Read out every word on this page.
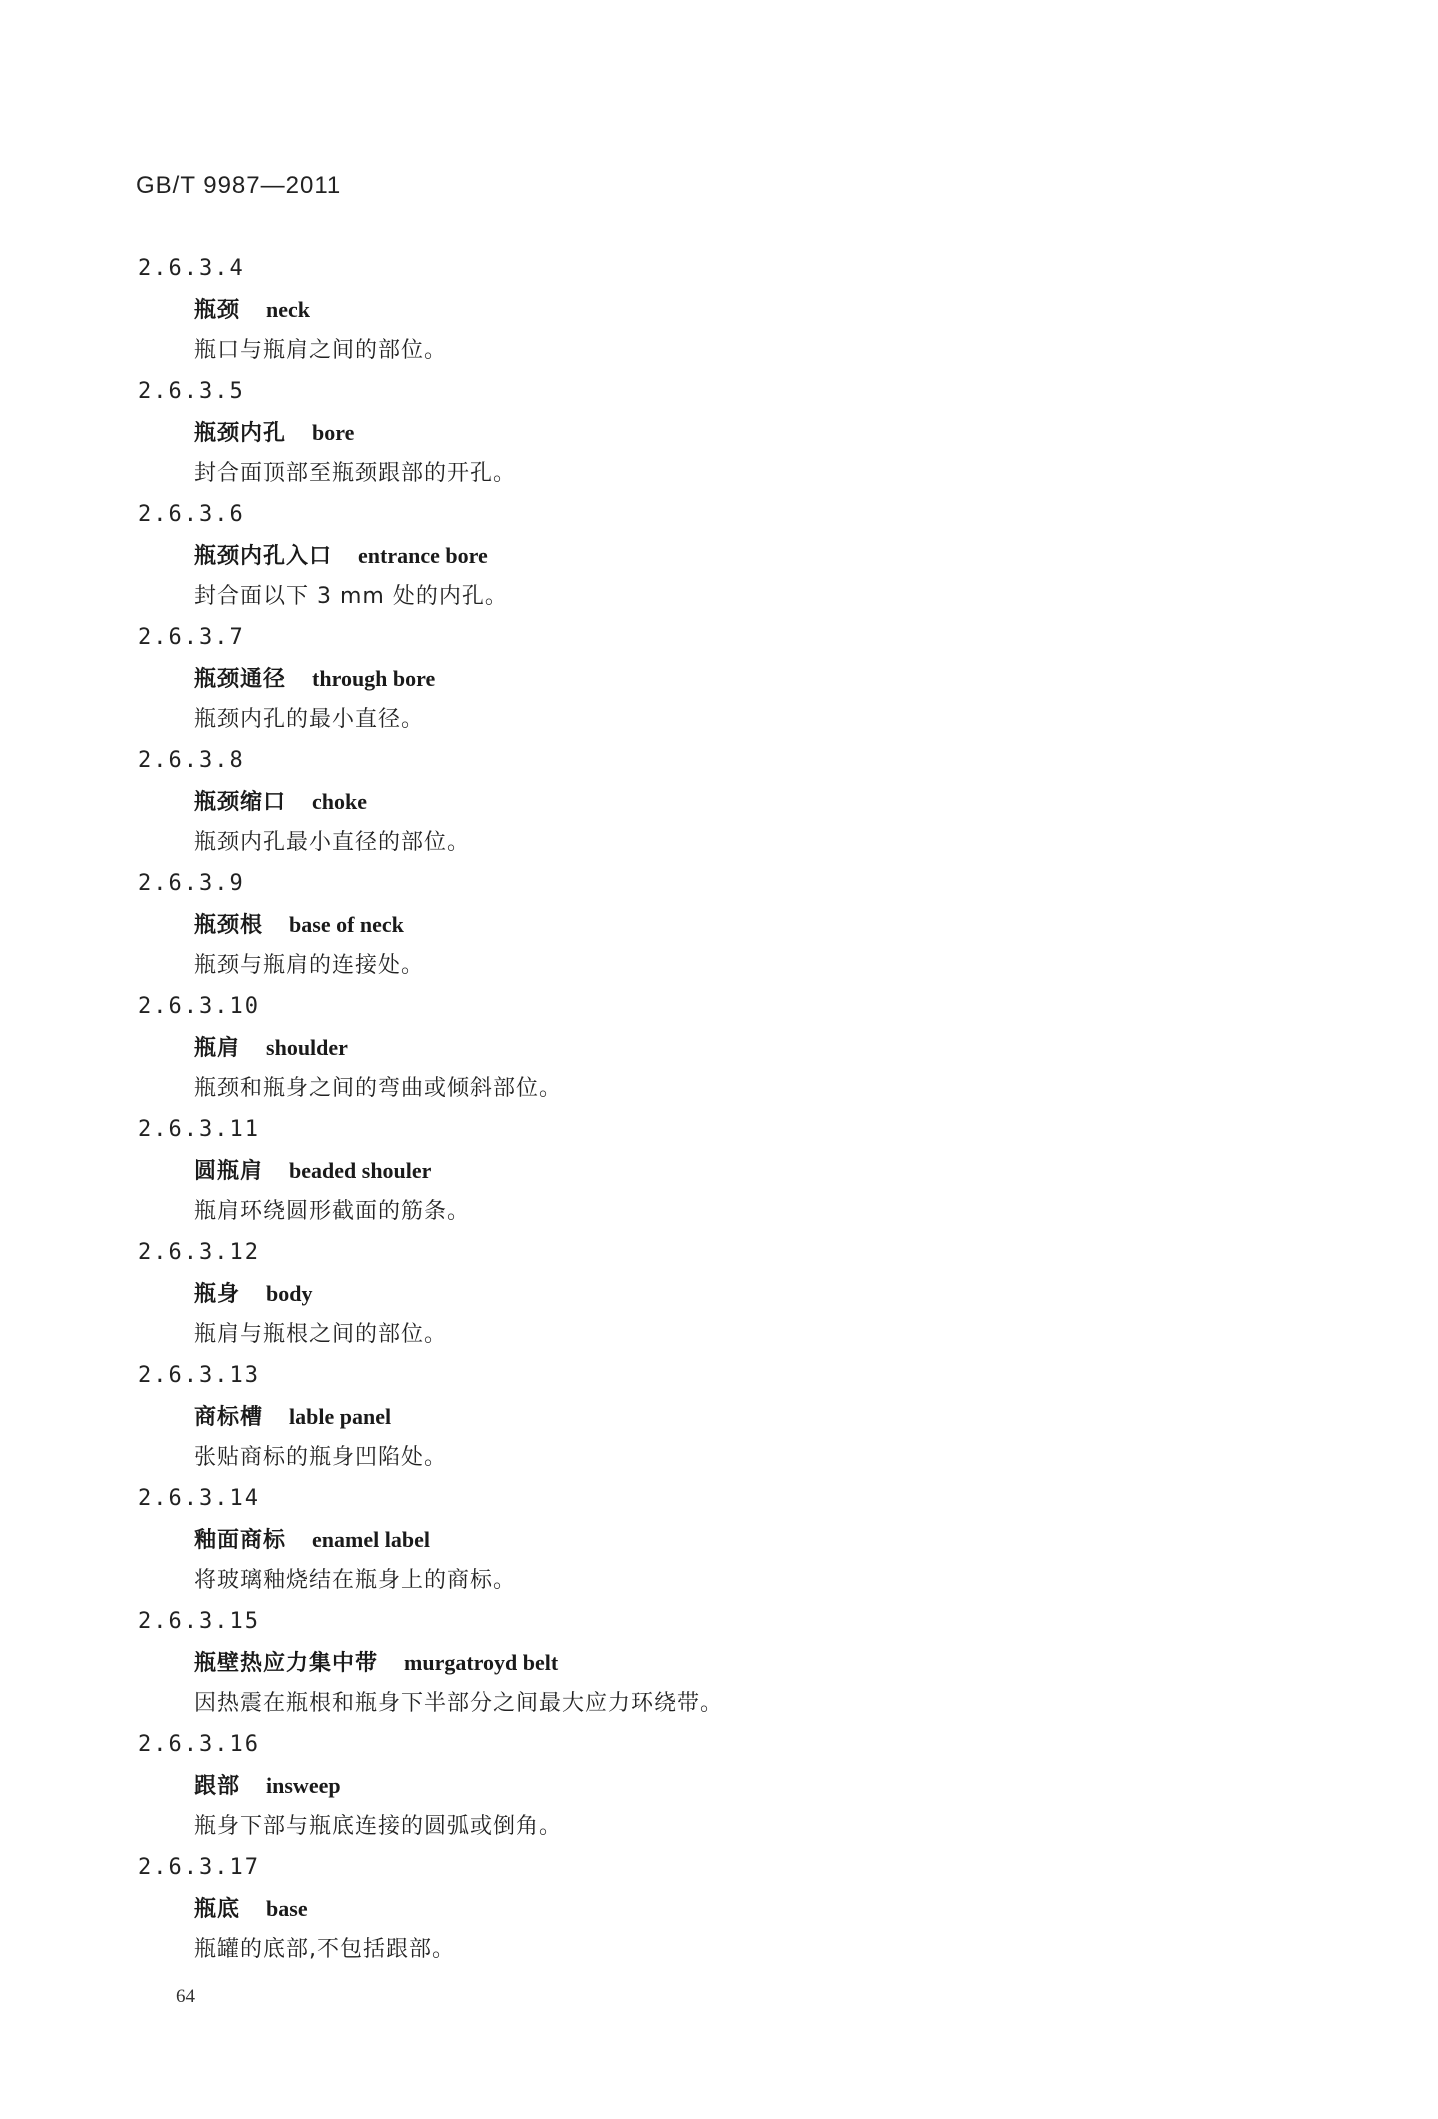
GB/T 9987—2011
2.6.3.4
瓶颈 neck
瓶口与瓶肩之间的部位。
2.6.3.5
瓶颈内孔 bore
封合面顶部至瓶颈跟部的开孔。
2.6.3.6
瓶颈内孔入口 entrance bore
封合面以下 3 mm 处的内孔。
2.6.3.7
瓶颈通径 through bore
瓶颈内孔的最小直径。
2.6.3.8
瓶颈缩口 choke
瓶颈内孔最小直径的部位。
2.6.3.9
瓶颈根 base of neck
瓶颈与瓶肩的连接处。
2.6.3.10
瓶肩 shoulder
瓶颈和瓶身之间的弯曲或倾斜部位。
2.6.3.11
圆瓶肩 beaded shouler
瓶肩环绕圆形截面的筋条。
2.6.3.12
瓶身 body
瓶肩与瓶根之间的部位。
2.6.3.13
商标槽 lable panel
张贴商标的瓶身凹陷处。
2.6.3.14
釉面商标 enamel label
将玻璃釉烧结在瓶身上的商标。
2.6.3.15
瓶壁热应力集中带 murgatroyd belt
因热震在瓶根和瓶身下半部分之间最大应力环绕带。
2.6.3.16
跟部 insweep
瓶身下部与瓶底连接的圆弧或倒角。
2.6.3.17
瓶底 base
瓶罐的底部,不包括跟部。
64
